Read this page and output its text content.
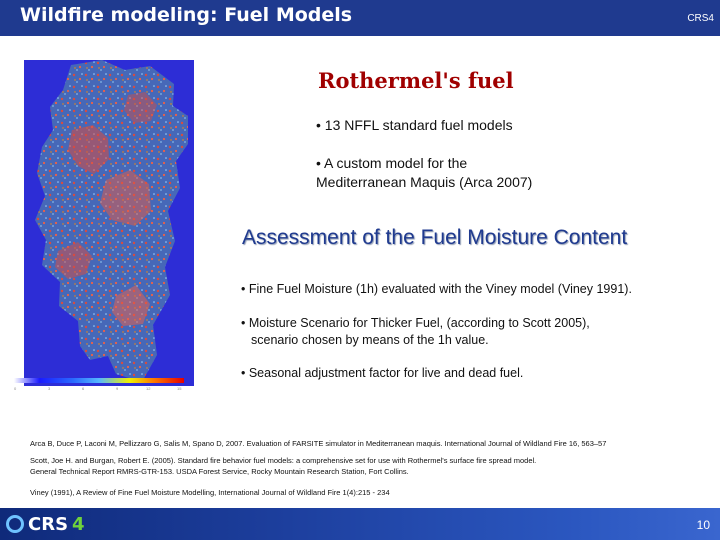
Wildfire modeling: Fuel Models	CRS4
0	3	6	9	12	15
Rothermel's fuel
• 13 NFFL standard fuel models
• A custom model for the
Mediterranean Maquis (Arca 2007)
Assessment of the Fuel Moisture Content
• Fine Fuel Moisture (1h) evaluated with the Viney model (Viney 1991).
• Moisture Scenario for Thicker Fuel, (according to Scott 2005),
scenario chosen by means of the 1h value.
• Seasonal adjustment factor for live and dead fuel.
Arca B, Duce P, Laconi M, Pellizzaro G, Salis M, Spano D, 2007. Evaluation of FARSITE simulator in Mediterranean maquis. International Journal of Wildland Fire 16, 563–57
Scott, Joe H. and Burgan, Robert E. (2005). Standard fire behavior fuel models: a comprehensive set for use with Rothermel's surface fire spread model.
General Technical Report RMRS-GTR-153. USDA Forest Service, Rocky Mountain Research Station, Fort Collins.
Viney (1991), A Review of Fine Fuel Moisture Modelling, International Journal of Wildland Fire 1(4):215 - 234
CRS 4	10
